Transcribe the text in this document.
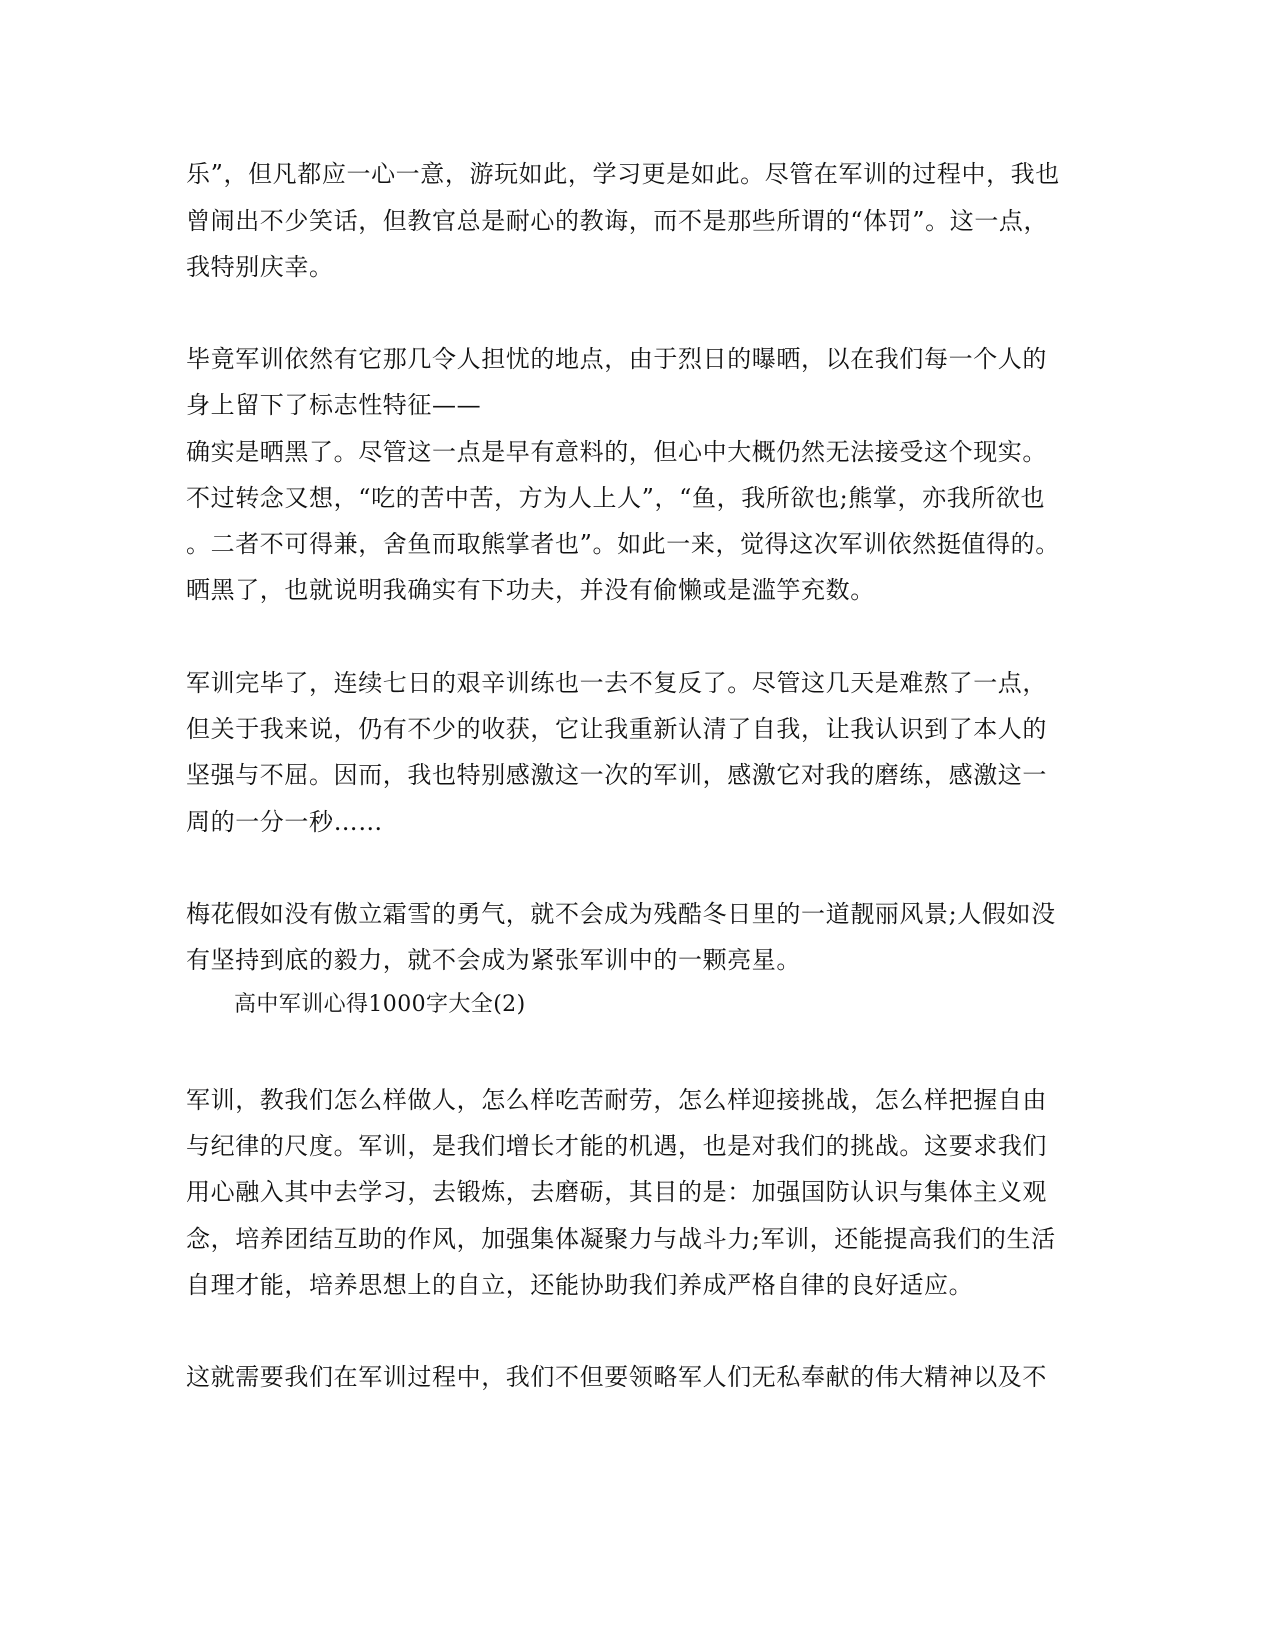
乐”，但凡都应一心一意，游玩如此，学习更是如此。尽管在军训的过程中，我也
曾闹出不少笑话，但教官总是耐心的教诲，而不是那些所谓的“体罚”。这一点，
我特别庆幸。
毕竟军训依然有它那几令人担忧的地点，由于烈日的曝晒，以在我们每一个人的
身上留下了标志性特征——
确实是晒黑了。尽管这一点是早有意料的，但心中大概仍然无法接受这个现实。
不过转念又想，“吃的苦中苦，方为人上人”，“鱼，我所欲也;熊掌，亦我所欲也
。二者不可得兼，舍鱼而取熊掌者也”。如此一来，觉得这次军训依然挺值得的。
晒黑了，也就说明我确实有下功夫，并没有偷懒或是滥竽充数。
军训完毕了，连续七日的艰辛训练也一去不复反了。尽管这几天是难熬了一点，
但关于我来说，仍有不少的收获，它让我重新认清了自我，让我认识到了本人的
坚强与不屈。因而，我也特别感激这一次的军训，感激它对我的磨练，感激这一
周的一分一秒……
梅花假如没有傲立霜雪的勇气，就不会成为残酷冬日里的一道靓丽风景;人假如没
有坚持到底的毅力，就不会成为紧张军训中的一颗亮星。
高中军训心得1000字大全(2)
军训，教我们怎么样做人，怎么样吃苦耐劳，怎么样迎接挑战，怎么样把握自由
与纪律的尺度。军训，是我们增长才能的机遇，也是对我们的挑战。这要求我们
用心融入其中去学习，去锻炼，去磨砺，其目的是：加强国防认识与集体主义观
念，培养团结互助的作风，加强集体凝聚力与战斗力;军训，还能提高我们的生活
自理才能，培养思想上的自立，还能协助我们养成严格自律的良好适应。
这就需要我们在军训过程中，我们不但要领略军人们无私奉献的伟大精神以及不
